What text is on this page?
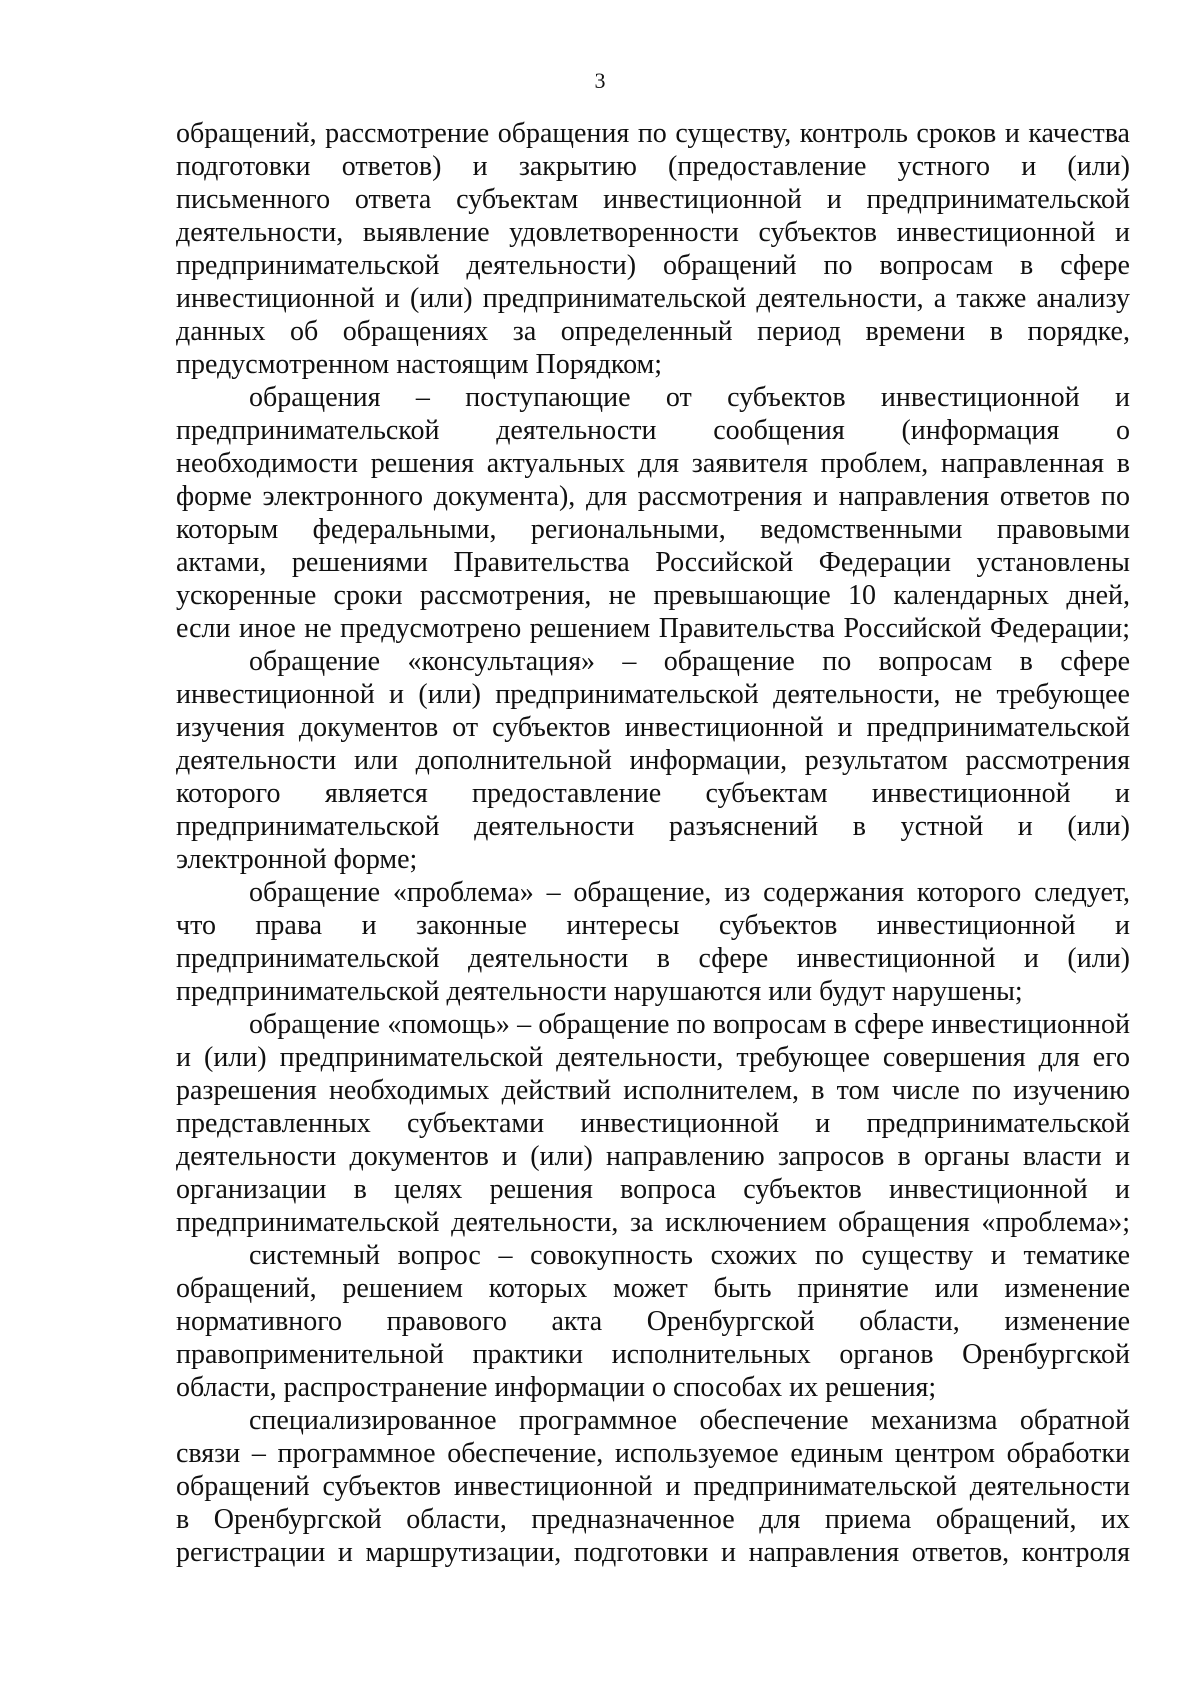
3
обращений, рассмотрение обращения по существу, контроль сроков и качества
подготовки ответов) и закрытию (предоставление устного и (или)
письменного ответа субъектам инвестиционной и предпринимательской
деятельности, выявление удовлетворенности субъектов инвестиционной и
предпринимательской деятельности) обращений по вопросам в сфере
инвестиционной и (или) предпринимательской деятельности, а также анализу
данных об обращениях за определенный период времени в порядке,
предусмотренном настоящим Порядком;
обращения – поступающие от субъектов инвестиционной и
предпринимательской деятельности сообщения (информация о
необходимости решения актуальных для заявителя проблем, направленная в
форме электронного документа), для рассмотрения и направления ответов по
которым федеральными, региональными, ведомственными правовыми
актами, решениями Правительства Российской Федерации установлены
ускоренные сроки рассмотрения, не превышающие 10 календарных дней,
если иное не предусмотрено решением Правительства Российской Федерации;
обращение «консультация» – обращение по вопросам в сфере
инвестиционной и (или) предпринимательской деятельности, не требующее
изучения документов от субъектов инвестиционной и предпринимательской
деятельности или дополнительной информации, результатом рассмотрения
которого является предоставление субъектам инвестиционной и
предпринимательской деятельности разъяснений в устной и (или)
электронной форме;
обращение «проблема» – обращение, из содержания которого следует,
что права и законные интересы субъектов инвестиционной и
предпринимательской деятельности в сфере инвестиционной и (или)
предпринимательской деятельности нарушаются или будут нарушены;
обращение «помощь» – обращение по вопросам в сфере инвестиционной
и (или) предпринимательской деятельности, требующее совершения для его
разрешения необходимых действий исполнителем, в том числе по изучению
представленных субъектами инвестиционной и предпринимательской
деятельности документов и (или) направлению запросов в органы власти и
организации в целях решения вопроса субъектов инвестиционной и
предпринимательской деятельности, за исключением обращения «проблема»;
системный вопрос – совокупность схожих по существу и тематике
обращений, решением которых может быть принятие или изменение
нормативного правового акта Оренбургской области, изменение
правоприменительной практики исполнительных органов Оренбургской
области, распространение информации о способах их решения;
специализированное программное обеспечение механизма обратной
связи – программное обеспечение, используемое единым центром обработки
обращений субъектов инвестиционной и предпринимательской деятельности
в Оренбургской области, предназначенное для приема обращений, их
регистрации и маршрутизации, подготовки и направления ответов, контроля
